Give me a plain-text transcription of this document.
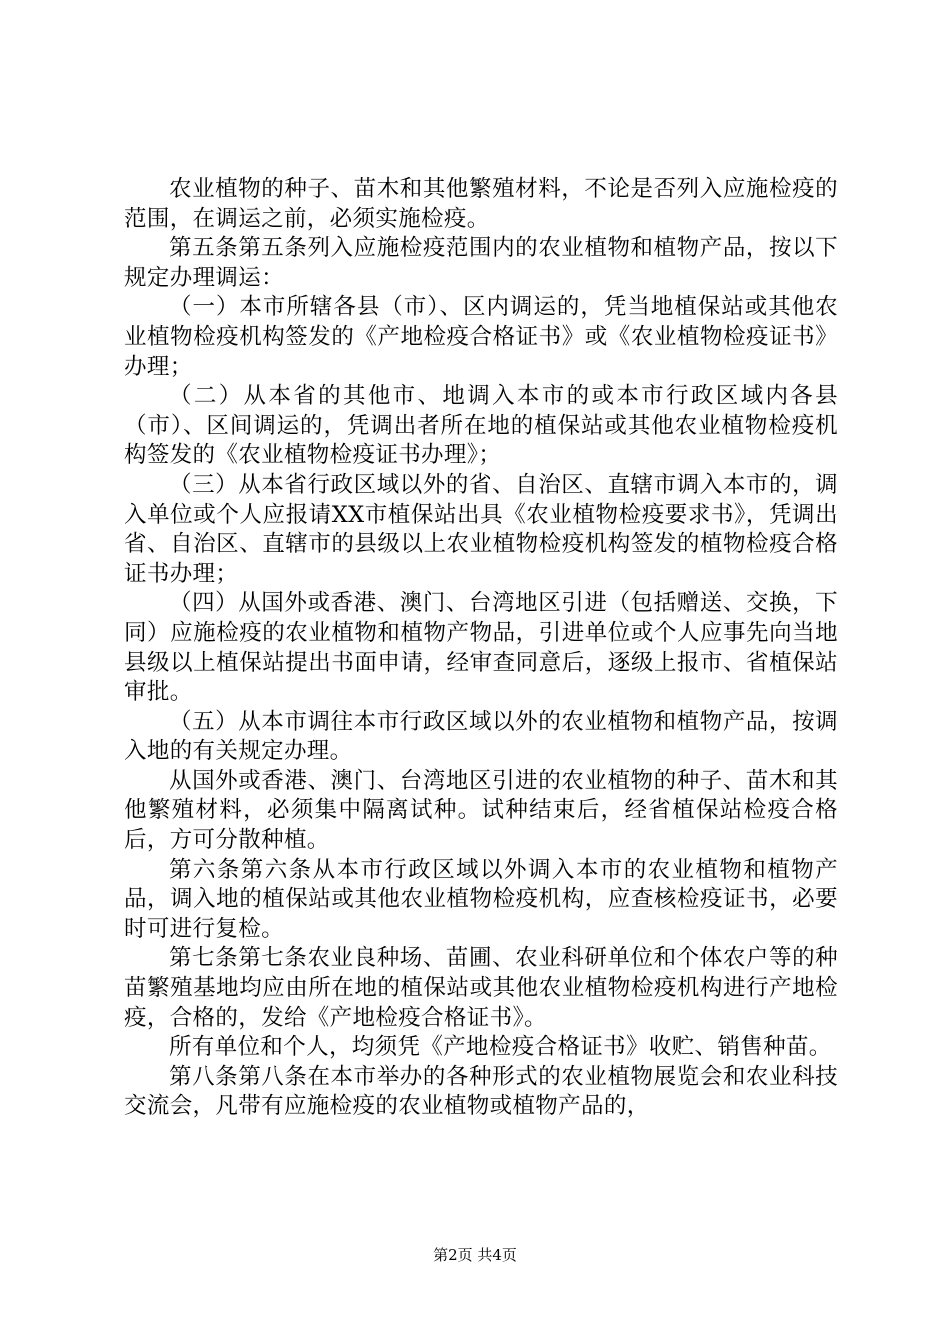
农业植物的种子、苗木和其他繁殖材料，不论是否列入应施检疫的范围，在调运之前，必须实施检疫。

第五条第五条列入应施检疫范围内的农业植物和植物产品，按以下规定办理调运：

（一）本市所辖各县（市）、区内调运的，凭当地植保站或其他农业植物检疫机构签发的《产地检疫合格证书》或《农业植物检疫证书》办理；

（二）从本省的其他市、地调入本市的或本市行政区域内各县（市）、区间调运的，凭调出者所在地的植保站或其他农业植物检疫机构签发的《农业植物检疫证书办理》；

（三）从本省行政区域以外的省、自治区、直辖市调入本市的，调入单位或个人应报请XX市植保站出具《农业植物检疫要求书》，凭调出省、自治区、直辖市的县级以上农业植物检疫机构签发的植物检疫合格证书办理；

（四）从国外或香港、澳门、台湾地区引进（包括赠送、交换，下同）应施检疫的农业植物和植物产物品，引进单位或个人应事先向当地县级以上植保站提出书面申请，经审查同意后，逐级上报市、省植保站审批。

（五）从本市调往本市行政区域以外的农业植物和植物产品，按调入地的有关规定办理。

从国外或香港、澳门、台湾地区引进的农业植物的种子、苗木和其他繁殖材料，必须集中隔离试种。试种结束后，经省植保站检疫合格后，方可分散种植。

第六条第六条从本市行政区域以外调入本市的农业植物和植物产品，调入地的植保站或其他农业植物检疫机构，应查核检疫证书，必要时可进行复检。

第七条第七条农业良种场、苗圃、农业科研单位和个体农户等的种苗繁殖基地均应由所在地的植保站或其他农业植物检疫机构进行产地检疫，合格的，发给《产地检疫合格证书》。

所有单位和个人，均须凭《产地检疫合格证书》收贮、销售种苗。

第八条第八条在本市举办的各种形式的农业植物展览会和农业科技交流会，凡带有应施检疫的农业植物或植物产品的，

第2页 共4页
